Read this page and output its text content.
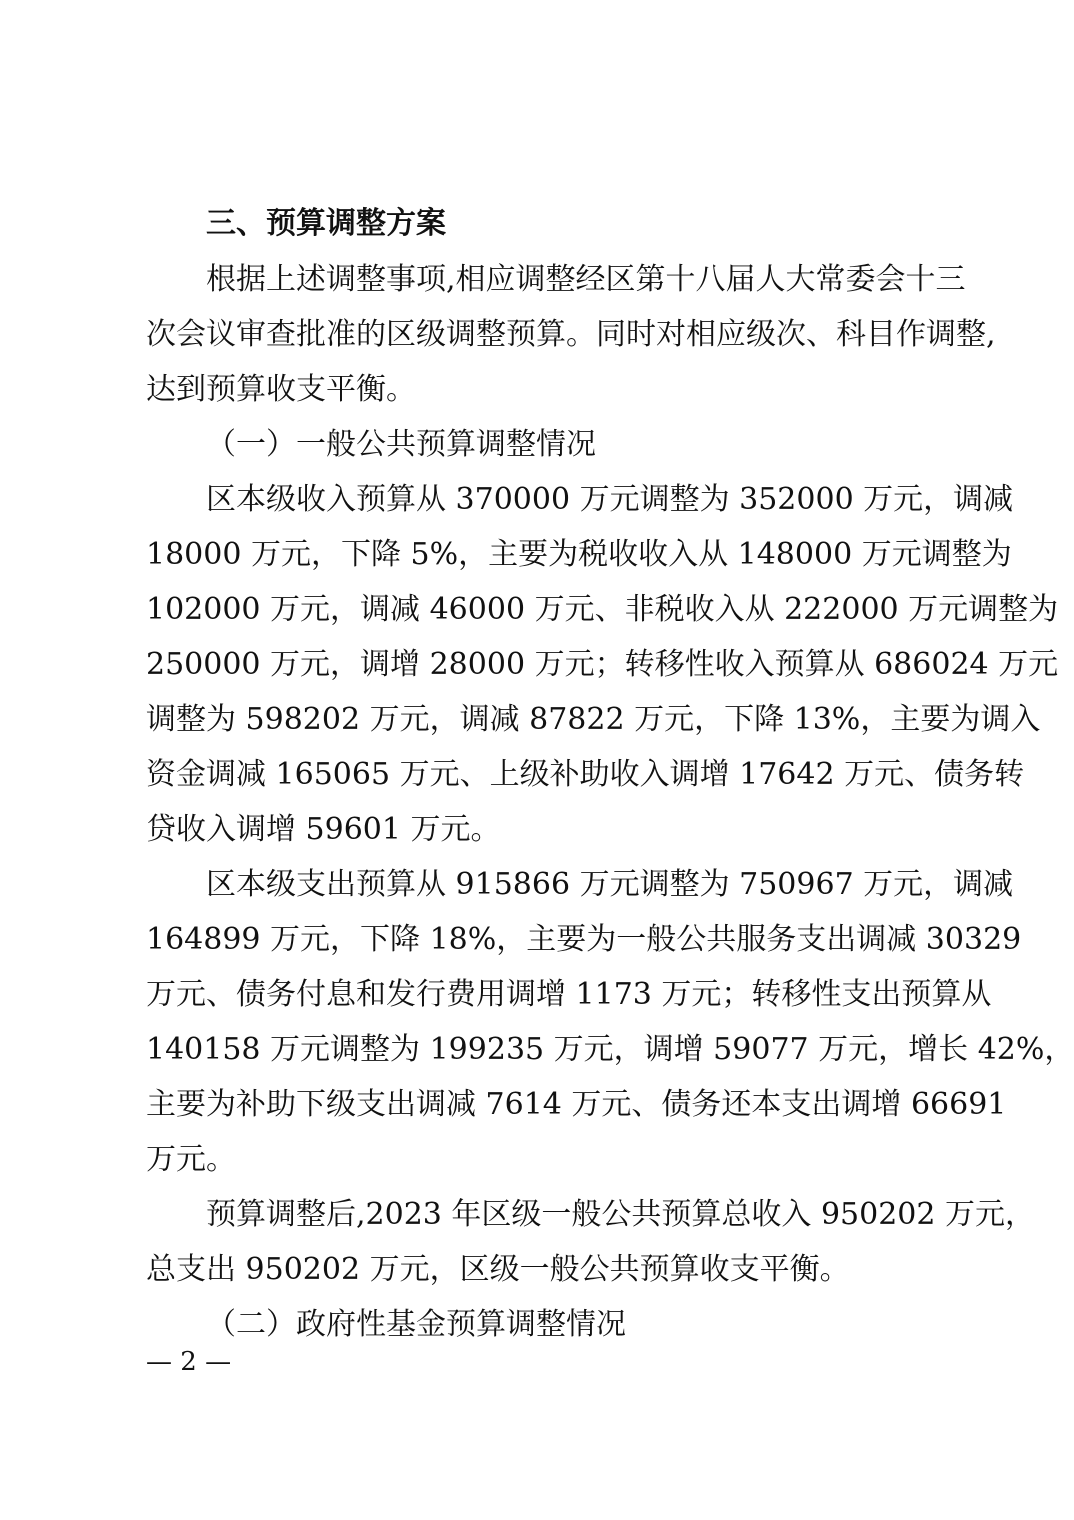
三、预算调整方案
根据上述调整事项,相应调整经区第十八届人大常委会十三
次会议审查批准的区级调整预算。同时对相应级次、科目作调整,
达到预算收支平衡。
（一）一般公共预算调整情况
区本级收入预算从 370000 万元调整为 352000 万元，调减
18000 万元，下降 5%，主要为税收收入从 148000 万元调整为
102000 万元，调减 46000 万元、非税收入从 222000 万元调整为
250000 万元，调增 28000 万元；转移性收入预算从 686024 万元
调整为 598202 万元，调减 87822 万元，下降 13%，主要为调入
资金调减 165065 万元、上级补助收入调增 17642 万元、债务转
贷收入调增 59601 万元。
区本级支出预算从 915866 万元调整为 750967 万元，调减
164899 万元，下降 18%，主要为一般公共服务支出调减 30329
万元、债务付息和发行费用调增 1173 万元；转移性支出预算从
140158 万元调整为 199235 万元，调增 59077 万元，增长 42%，
主要为补助下级支出调减 7614 万元、债务还本支出调增 66691
万元。
预算调整后,2023 年区级一般公共预算总收入 950202 万元，
总支出 950202 万元，区级一般公共预算收支平衡。
（二）政府性基金预算调整情况
— 2 —
